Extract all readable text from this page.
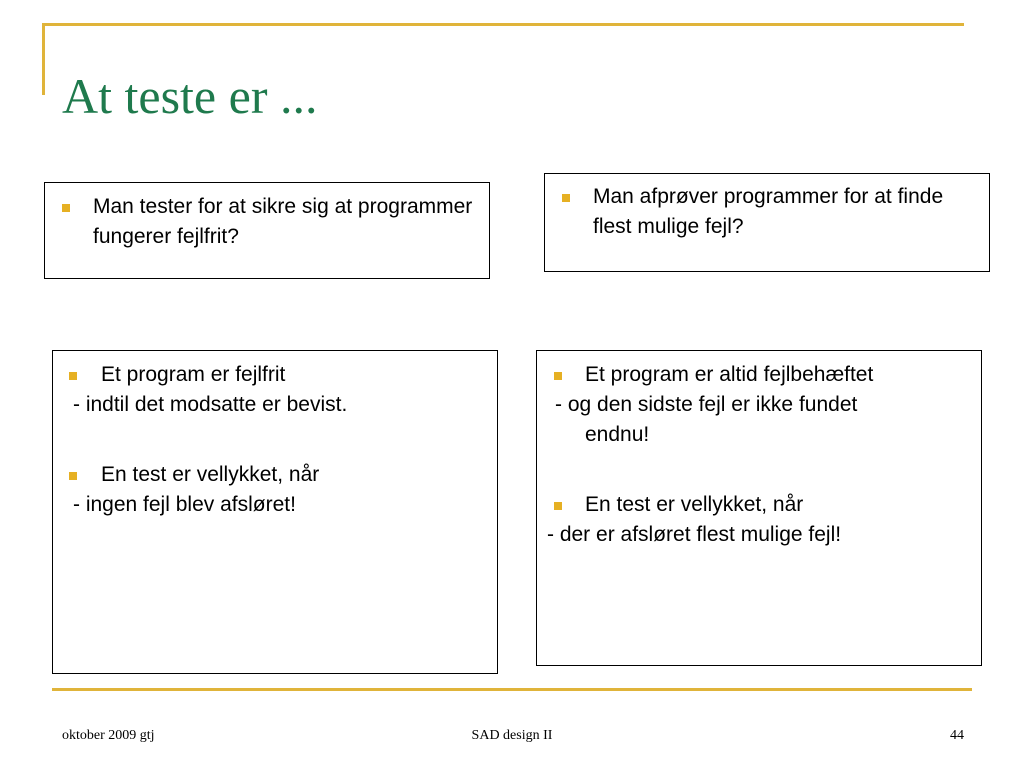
At teste er ...
Man tester for at sikre sig at programmer fungerer fejlfrit?
Man afprøver programmer for at finde flest mulige fejl?
Et program er fejlfrit
- indtil det modsatte er bevist.
En test er vellykket, når
- ingen fejl blev afsløret!
Et program er altid fejlbehæftet
- og den sidste fejl er ikke fundet
endnu!
En test er vellykket, når
- der er afsløret flest mulige fejl!
oktober 2009 gtj	SAD design II	44
